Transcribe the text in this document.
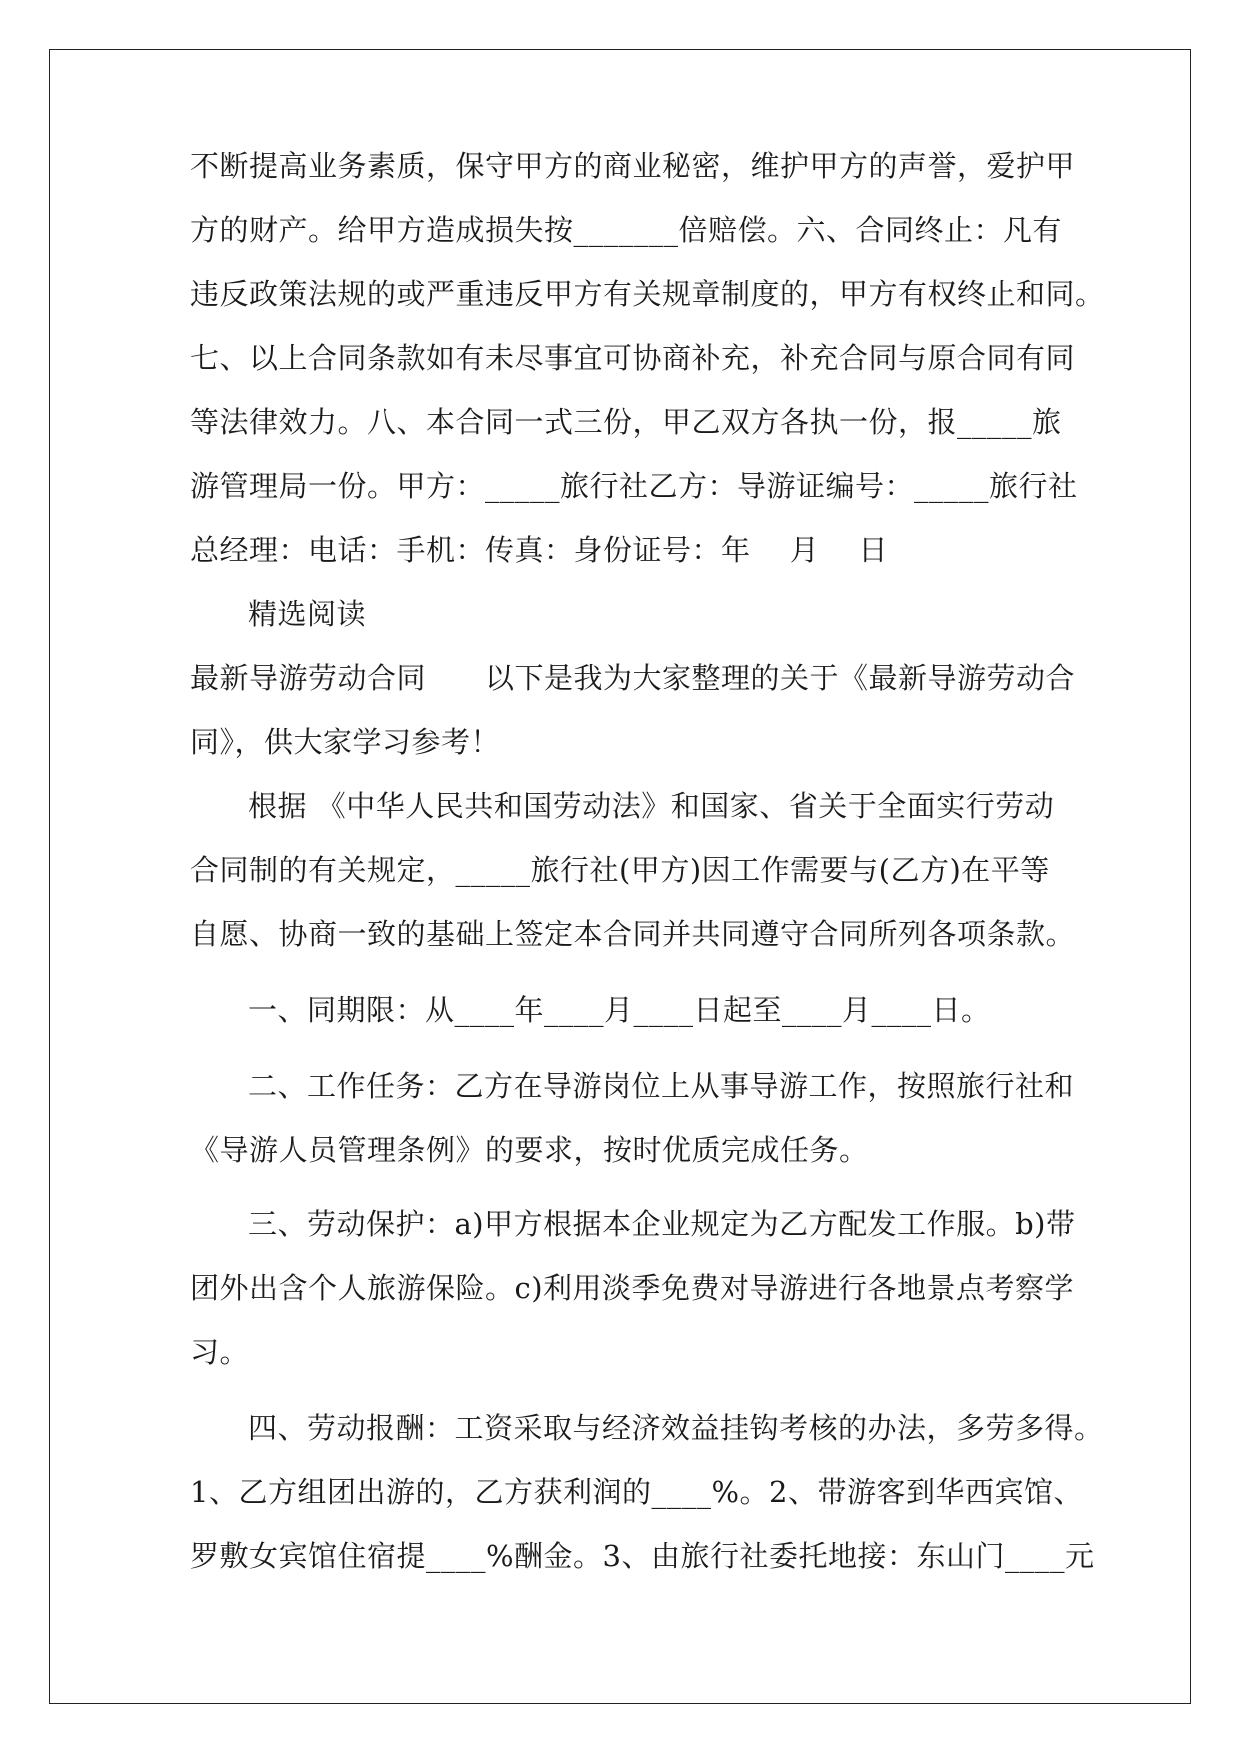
不断提高业务素质，保守甲方的商业秘密，维护甲方的声誉，爱护甲
方的财产。给甲方造成损失按_______倍赔偿。六、合同终止：凡有
违反政策法规的或严重违反甲方有关规章制度的，甲方有权终止和同。
七、以上合同条款如有未尽事宜可协商补充，补充合同与原合同有同
等法律效力。八、本合同一式三份，甲乙双方各执一份，报_____旅
游管理局一份。甲方：_____旅行社乙方：导游证编号：_____旅行社
总经理：电话：手机：传真：身份证号：年　 月　 日
精选阅读
最新导游劳动合同　　以下是我为大家整理的关于《最新导游劳动合
同》，供大家学习参考！
根据 《中华人民共和国劳动法》和国家、省关于全面实行劳动
合同制的有关规定，_____旅行社(甲方)因工作需要与(乙方)在平等
自愿、协商一致的基础上签定本合同并共同遵守合同所列各项条款。
一、同期限：从____年____月____日起至____月____日。
二、工作任务：乙方在导游岗位上从事导游工作，按照旅行社和
《导游人员管理条例》的要求，按时优质完成任务。
三、劳动保护：a)甲方根据本企业规定为乙方配发工作服。b)带
团外出含个人旅游保险。c)利用淡季免费对导游进行各地景点考察学
习。
四、劳动报酬：工资采取与经济效益挂钩考核的办法，多劳多得。
1、乙方组团出游的，乙方获利润的____%。2、带游客到华西宾馆、
罗敷女宾馆住宿提____%酬金。3、由旅行社委托地接：东山门____元
